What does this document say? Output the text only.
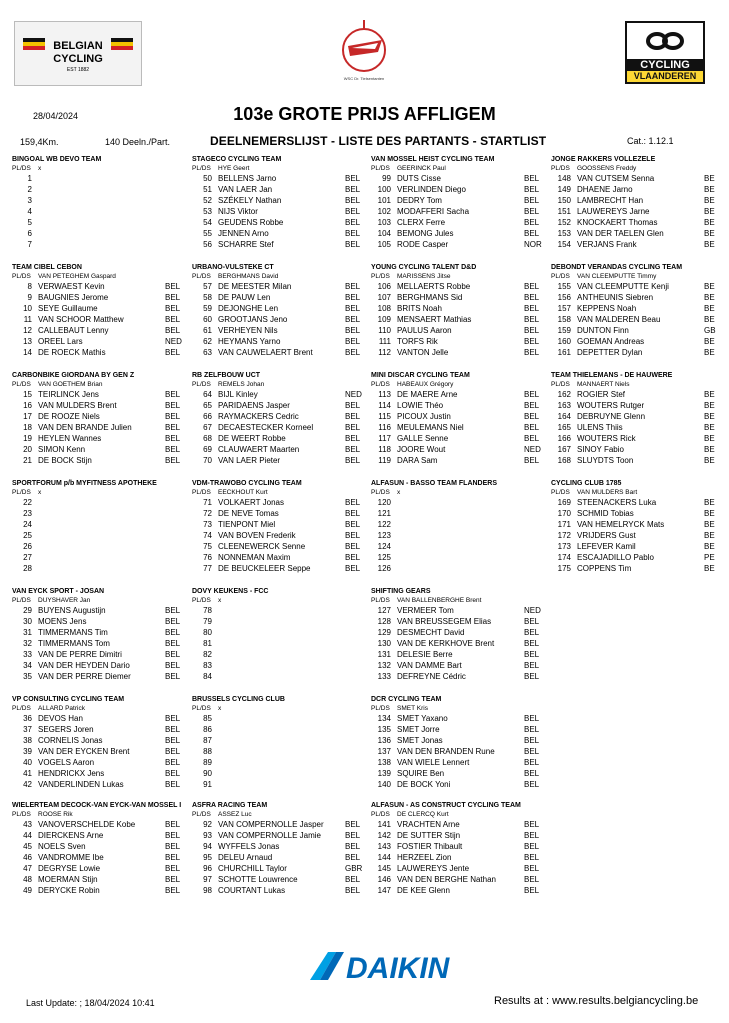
BELGIAN
CYCLING
EST 1882
WSC Dr. Tielsentanten
CYCLING
VLAANDEREN
28/04/2024	103e GROTE PRIJS AFFLIGEM
159,4Km.	140 Deeln./Part.	DEELNEMERSLIJST - LISTE DES PARTANTS - STARTLIST	Cat.: 1.12.1
BINGOAL WB DEVO TEAM
PL/DS x
1
2
3
4
5
6
7
STAGECO CYCLING TEAM
PL/DS HYE Geert
50 BELLENS Jarno	BEL
51 VAN LAER Jan	BEL
52 SZÉKELY Nathan	BEL
53 NIJS Viktor	BEL
54 GEUDENS Robbe	BEL
55 JENNEN Arno	BEL
56 SCHARRE Stef	BEL
VAN MOSSEL HEIST CYCLING TEAM
PL/DS GEERINCK Paul
99 DUTS Cisse	BEL
100 VERLINDEN Diego	BEL
101 DEDRY Tom	BEL
102 MODAFFERI Sacha	BEL
103 CLERX Ferre	BEL
104 BEMONG Jules	BEL
105 RODE Casper	NOR
JONGE RAKKERS VOLLEZELE
PL/DS GOOSSENS Freddy
148 VAN CUTSEM Senna	BE
149 DHAENE Jarno	BE
150 LAMBRECHT Han	BE
151 LAUWEREYS Jarne	BE
152 KNOCKAERT Thomas	BE
153 VAN DER TAELEN Glen	BE
154 VERJANS Frank	BE
TEAM CIBEL CEBON
PL/DS VAN PETEGHEM Gaspard
8 VERWAEST Kevin	BEL
9 BAUGNIES Jerome	BEL
10 SEYE Guillaume	BEL
11 VAN SCHOOR Matthew	BEL
12 CALLEBAUT Lenny	BEL
13 OREEL Lars	NED
14 DE ROECK Mathis	BEL
URBANO-VULSTEKE CT
PL/DS BERGHMANS David
57 DE MEESTER Milan	BEL
58 DE PAUW Len	BEL
59 DEJONGHE Len	BEL
60 GROOTJANS Jeno	BEL
61 VERHEYEN Nils	BEL
62 HEYMANS Yarno	BEL
63 VAN CAUWELAERT Brent	BEL
YOUNG CYCLING TALENT D&D
PL/DS MARISSENS Jitse
106 MELLAERTS Robbe	BEL
107 BERGHMANS Sid	BEL
108 BRITS Noah	BEL
109 MENSAERT Mathias	BEL
110 PAULUS Aaron	BEL
111 TORFS Rik	BEL
112 VANTON Jelle	BEL
DEBONDT VERANDAS CYCLING TEAM
PL/DS VAN CLEEMPUTTE Timmy
155 VAN CLEEMPUTTE Kenji	BE
156 ANTHEUNIS Siebren	BE
157 KEPPENS Noah	BE
158 VAN MALDEREN Beau	BE
159 DUNTON Finn	GB
160 GOEMAN Andreas	BE
161 DEPETTER Dylan	BE
CARBONBIKE GIORDANA BY GEN Z
PL/DS VAN GOETHEM Brian
15 TEIRLINCK Jens	BEL
16 VAN MULDERS Brent	BEL
17 DE ROOZE Niels	BEL
18 VAN DEN BRANDE Julien	BEL
19 HEYLEN Wannes	BEL
20 SIMON Kenn	BEL
21 DE BOCK Stijn	BEL
RB ZELFBOUW UCT
PL/DS REMELS Johan
64 BIJL Kinley	NED
65 PARIDAENS Jasper	BEL
66 RAYMACKERS Cedric	BEL
67 DECAESTECKER Korneel	BEL
68 DE WEERT Robbe	BEL
69 CLAUWAERT Maarten	BEL
70 VAN LAER Pieter	BEL
MINI DISCAR CYCLING TEAM
PL/DS HABEAUX Grégory
113 DE MAERE Arne	BEL
114 LOWIE Théo	BEL
115 PICOUX Justin	BEL
116 MEULEMANS Niel	BEL
117 GALLE Senne	BEL
118 JOORE Wout	NED
119 DARA Sam	BEL
TEAM THIELEMANS - DE HAUWERE
PL/DS MANNAERT Niels
162 ROGIER Stef	BE
163 WOUTERS Rutger	BE
164 DEBRUYNE Glenn	BE
165 ULENS Thiis	BE
166 WOUTERS Rick	BE
167 SINOY Fabio	BE
168 SLUYDTS Toon	BE
SPORTFORUM p/b MYFITNESS APOTHEKE
PL/DS x
22
23
24
25
26
27
28
VDM-TRAWOBO CYCLING TEAM
PL/DS EECKHOUT Kurt
71 VOLKAERT Jonas	BEL
72 DE NEVE Tomas	BEL
73 TIENPONT Miel	BEL
74 VAN BOVEN Frederik	BEL
75 CLEENEWERCK Senne	BEL
76 NONNEMAN Maxim	BEL
77 DE BEUCKELEER Seppe	BEL
ALFASUN - BASSO TEAM FLANDERS
PL/DS x
120
121
122
123
124
125
126
CYCLING CLUB 1785
PL/DS VAN MULDERS Bart
169 STEENACKERS Luka	BE
170 SCHMID Tobias	BE
171 VAN HEMELRYCK Mats	BE
172 VRIJDERS Gust	BE
173 LEFEVER Kamil	BE
174 ESCAJADILLO Pablo	PE
175 COPPENS Tim	BE
VAN EYCK SPORT - JOSAN
PL/DS DUYSHAVER Jan
29 BUYENS Augustijn	BEL
30 MOENS Jens	BEL
31 TIMMERMANS Tim	BEL
32 TIMMERMANS Tom	BEL
33 VAN DE PERRE Dimitri	BEL
34 VAN DER HEYDEN Dario	BEL
35 VAN DER PERRE Diemer	BEL
DOVY KEUKENS - FCC
PL/DS x
78
79
80
81
82
83
84
SHIFTING GEARS
PL/DS VAN BALLENBERGHE Brent
127 VERMEER Tom	NED
128 VAN BREUSSEGEM Elias	BEL
129 DESMECHT David	BEL
130 VAN DE KERKHOVE Brent	BEL
131 DELESIE Berre	BEL
132 VAN DAMME Bart	BEL
133 DEFREYNE Cédric	BEL
VP CONSULTING CYCLING TEAM
PL/DS ALLARD Patrick
36 DEVOS Han	BEL
37 SEGERS Joren	BEL
38 CORNELIS Jonas	BEL
39 VAN DER EYCKEN Brent	BEL
40 VOGELS Aaron	BEL
41 HENDRICKX Jens	BEL
42 VANDERLINDEN Lukas	BEL
BRUSSELS CYCLING CLUB
PL/DS x
85
86
87
88
89
90
91
DCR CYCLING TEAM
PL/DS SMET Kris
134 SMET Yaxano	BEL
135 SMET Jorre	BEL
136 SMET Jonas	BEL
137 VAN DEN BRANDEN Rune	BEL
138 VAN WIELE Lennert	BEL
139 SQUIRE Ben	BEL
140 DE BOCK Yoni	BEL
WIELERTEAM DECOCK-VAN EYCK-VAN MOSSEL I
PL/DS ROOSE Rik
43 VANOVERSCHELDE Kobe	BEL
44 DIERCKENS Arne	BEL
45 NOELS Sven	BEL
46 VANDROMME Ibe	BEL
47 DEGRYSE Lowie	BEL
48 MOERMAN Stijn	BEL
49 DERYCKE Robin	BEL
ASFRA RACING TEAM
PL/DS ASSEZ Luc
92 VAN COMPERNOLLE Jasper	BEL
93 VAN COMPERNOLLE Jamie	BEL
94 WYFFELS Jonas	BEL
95 DELEU Arnaud	BEL
96 CHURCHILL Taylor	GBR
97 SCHOTTE Louwrence	BEL
98 COURTANT Lukas	BEL
ALFASUN - AS CONSTRUCT CYCLING TEAM
PL/DS DE CLERCQ Kurt
141 VRACHTEN Arne	BEL
142 DE SUTTER Stijn	BEL
143 FOSTIER Thibault	BEL
144 HERZEEL Zion	BEL
145 LAUWEREYS Jente	BEL
146 VAN DEN BERGHE Nathan	BEL
147 DE KEE Glenn	BEL
DAIKIN
Last Update: ; 18/04/2024 10:41	Results at : www.results.belgiancycling.be
